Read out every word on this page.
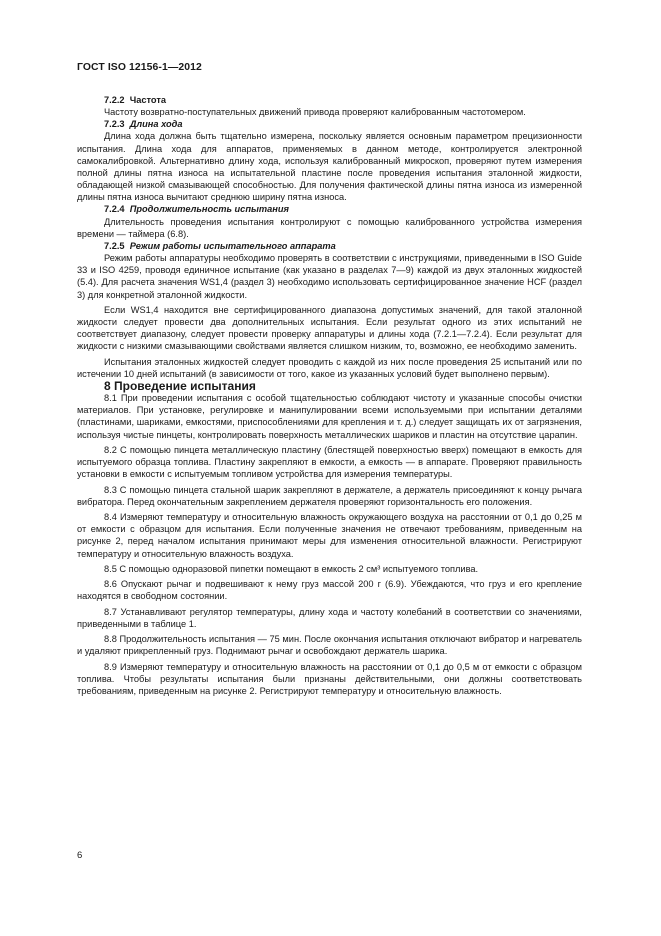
ГОСТ ISO 12156-1—2012

7.2.2 Частота

Частоту возвратно-поступательных движений привода проверяют калиброванным частотомером.

7.2.3 Длина хода

Длина хода должна быть тщательно измерена, поскольку является основным параметром прецизионности испытания. Длина хода для аппаратов, применяемых в данном методе, контролируется электронной самокалибровкой. Альтернативно длину хода, используя калиброванный микроскоп, проверяют путем измерения полной длины пятна износа на испытательной пластине после проведения испытания эталонной жидкости, обладающей низкой смазывающей способностью. Для получения фактической длины пятна износа из измеренной длины пятна износа вычитают среднюю ширину пятна износа.

7.2.4 Продолжительность испытания

Длительность проведения испытания контролируют с помощью калиброванного устройства измерения времени — таймера (6.8).

7.2.5 Режим работы испытательного аппарата

Режим работы аппаратуры необходимо проверять в соответствии с инструкциями, приведенными в ISO Guide 33 и ISO 4259, проводя единичное испытание (как указано в разделах 7—9) каждой из двух эталонных жидкостей (5.4). Для расчета значения WS1,4 (раздел 3) необходимо использовать сертифицированное значение HCF (раздел 3) для конкретной эталонной жидкости.

Если WS1,4 находится вне сертифицированного диапазона допустимых значений, для такой эталонной жидкости следует провести два дополнительных испытания. Если результат одного из этих испытаний не соответствует диапазону, следует провести проверку аппаратуры и длины хода (7.2.1—7.2.4). Если результат для жидкости с низкими смазывающими свойствами является слишком низким, то, возможно, ее необходимо заменить.

Испытания эталонных жидкостей следует проводить с каждой из них после проведения 25 испытаний или по истечении 10 дней испытаний (в зависимости от того, какое из указанных условий будет выполнено первым).

8 Проведение испытания

8.1 При проведении испытания с особой тщательностью соблюдают чистоту и указанные способы очистки материалов. При установке, регулировке и манипулировании всеми используемыми при испытании деталями (пластинами, шариками, емкостями, приспособлениями для крепления и т. д.) следует защищать их от загрязнения, используя чистые пинцеты, контролировать поверхность металлических шариков и пластин на отсутствие царапин.

8.2 С помощью пинцета металлическую пластину (блестящей поверхностью вверх) помещают в емкость для испытуемого образца топлива. Пластину закрепляют в емкости, а емкость — в аппарате. Проверяют правильность установки в емкости с испытуемым топливом устройства для измерения температуры.

8.3 С помощью пинцета стальной шарик закрепляют в держателе, а держатель присоединяют к концу рычага вибратора. Перед окончательным закреплением держателя проверяют горизонтальность его положения.

8.4 Измеряют температуру и относительную влажность окружающего воздуха на расстоянии от 0,1 до 0,25 м от емкости с образцом для испытания. Если полученные значения не отвечают требованиям, приведенным на рисунке 2, перед началом испытания принимают меры для изменения относительной влажности. Регистрируют температуру и относительную влажность воздуха.

8.5 С помощью одноразовой пипетки помещают в емкость 2 см³ испытуемого топлива.

8.6 Опускают рычаг и подвешивают к нему груз массой 200 г (6.9). Убеждаются, что груз и его крепление находятся в свободном состоянии.

8.7 Устанавливают регулятор температуры, длину хода и частоту колебаний в соответствии со значениями, приведенными в таблице 1.

8.8 Продолжительность испытания — 75 мин. После окончания испытания отключают вибратор и нагреватель и удаляют прикрепленный груз. Поднимают рычаг и освобождают держатель шарика.

8.9 Измеряют температуру и относительную влажность на расстоянии от 0,1 до 0,5 м от емкости с образцом топлива. Чтобы результаты испытания были признаны действительными, они должны соответствовать требованиям, приведенным на рисунке 2. Регистрируют температуру и относительную влажность.

6
